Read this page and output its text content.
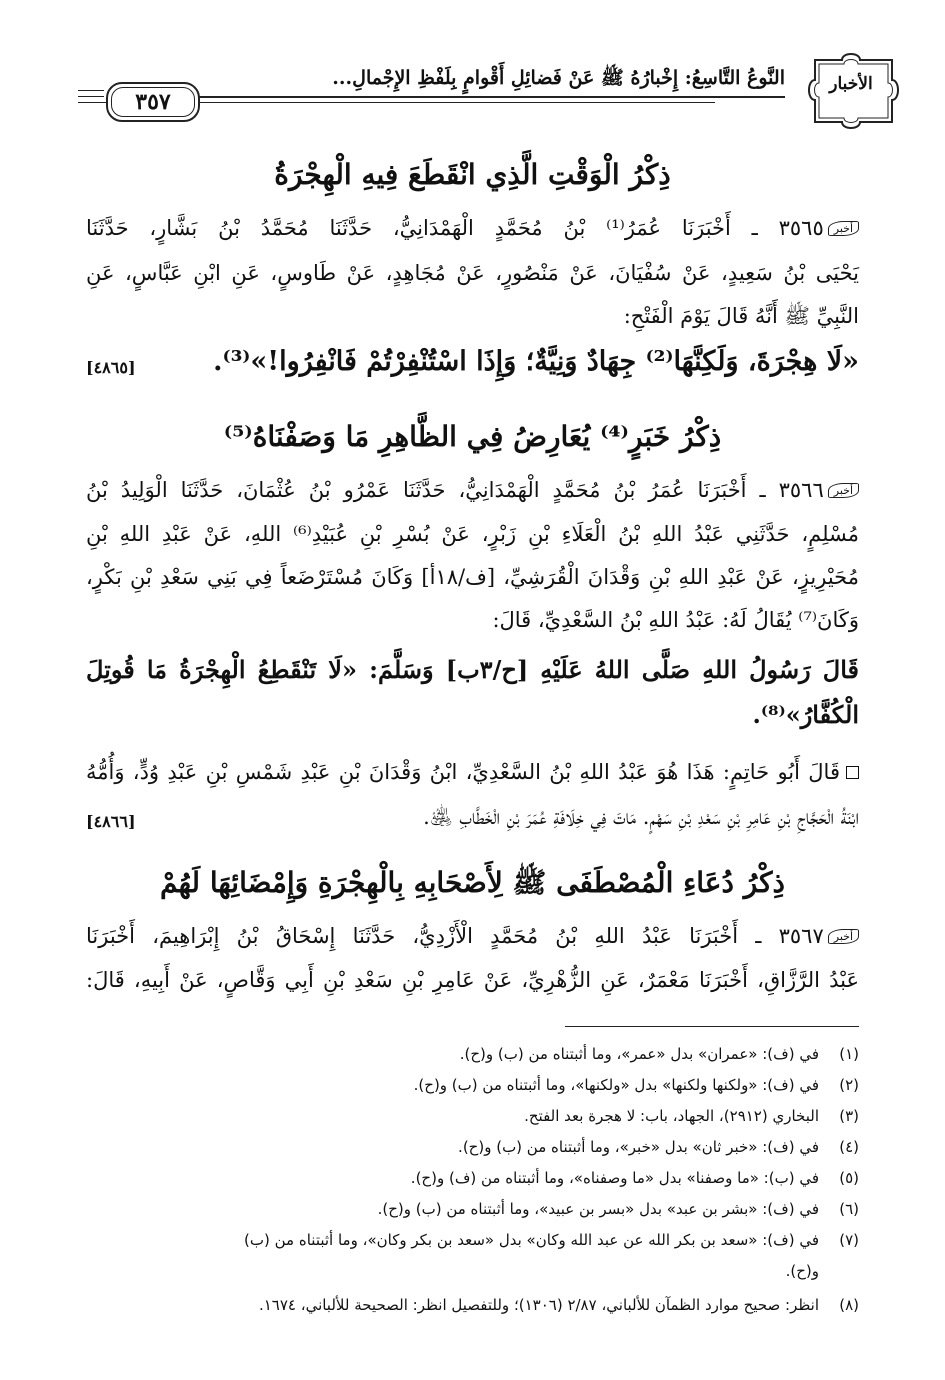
الأخبار
النَّوعُ التَّاسِعُ: إِخْبارُهُ ﷺ عَنْ فَضائِلِ أَقْوامٍ بِلَفْظِ الإِجْمالِ...
٣٥٧
ذِكْرُ الْوَقْتِ الَّذِي انْقَطَعَ فِيهِ الْهِجْرَةُ
أخبر٣٥٦٥ ـ أَخْبَرَنَا عُمَرُ⁽¹⁾ بْنُ مُحَمَّدٍ الْهَمْدَانِيُّ، حَدَّثَنَا مُحَمَّدُ بْنُ بَشَّارٍ، حَدَّثَنَا
يَحْيَى بْنُ سَعِيدٍ، عَنْ سُفْيَانَ، عَنْ مَنْصُورٍ، عَنْ مُجَاهِدٍ، عَنْ طَاوسٍ، عَنِ ابْنِ عَبَّاسٍ، عَنِ
النَّبِيِّ ﷺ أَنَّهُ قَالَ يَوْمَ الْفَتْحِ:
«لَا هِجْرَةَ، وَلَكِنَّهَا⁽²⁾ جِهَادٌ وَنِيَّةٌ؛ وَإِذَا اسْتُنْفِرْتُمْ فَانْفِرُوا!»⁽³⁾.
[٤٨٦٥]
ذِكْرُ خَبَرٍ⁽⁴⁾ يُعَارِضُ فِي الظَّاهِرِ مَا وَصَفْنَاهُ⁽⁵⁾
أخبر٣٥٦٦ ـ أَخْبَرَنَا عُمَرُ بْنُ مُحَمَّدٍ الْهَمْدَانِيُّ، حَدَّثَنَا عَمْرُو بْنُ عُثْمَانَ، حَدَّثَنَا الْوَلِيدُ بْنُ
مُسْلِمٍ، حَدَّثَنِي عَبْدُ اللهِ بْنُ الْعَلَاءِ بْنِ زَبْرٍ، عَنْ بُسْرِ بْنِ عُبَيْدِ⁽⁶⁾ اللهِ، عَنْ عَبْدِ اللهِ بْنِ
مُحَيْرِيزٍ، عَنْ عَبْدِ اللهِ بْنِ وَقْدَانَ الْقُرَشِيِّ، [ف/١٨أ] وَكَانَ مُسْتَرْضَعاً فِي بَنِي سَعْدِ بْنِ بَكْرٍ،
وَكَانَ⁽⁷⁾ يُقَالُ لَهُ: عَبْدُ اللهِ بْنُ السَّعْدِيِّ، قَالَ:
قَالَ رَسُولُ اللهِ صَلَّى اللهُ عَلَيْهِ [ح/٣ب] وَسَلَّمَ: «لَا تَنْقَطِعُ الْهِجْرَةُ مَا قُوتِلَ
الْكُفَّارُ»⁽⁸⁾.
قَالَ أَبُو حَاتِمٍ: هَذَا هُوَ عَبْدُ اللهِ بْنُ السَّعْدِيِّ، ابْنُ وَقْدَانَ بْنِ عَبْدِ شَمْسِ بْنِ عَبْدِ وُدٍّ، وَأُمُّهُ
ابْنَةُ الْحَجَّاجِ بْنِ عَامِرِ بْنِ سَعْدِ بْنِ سَهْمٍ. مَاتَ فِي خِلَافَةِ عُمَرَ بْنِ الْخَطَّابِ ﵁.
[٤٨٦٦]
ذِكْرُ دُعَاءِ الْمُصْطَفَى ﷺ لِأَصْحَابِهِ بِالْهِجْرَةِ وَإِمْضَائِهَا لَهُمْ
أخبر٣٥٦٧ ـ أَخْبَرَنَا عَبْدُ اللهِ بْنُ مُحَمَّدٍ الْأَزْدِيُّ، حَدَّثَنَا إِسْحَاقُ بْنُ إِبْرَاهِيمَ، أَخْبَرَنَا
عَبْدُ الرَّزَّاقِ، أَخْبَرَنَا مَعْمَرٌ، عَنِ الزُّهْرِيِّ، عَنْ عَامِرِ بْنِ سَعْدِ بْنِ أَبِي وَقَّاصٍ، عَنْ أَبِيهِ، قَالَ:
(١)في (ف): «عمران» بدل «عمر»، وما أثبتناه من (ب) و(ح).
(٢)في (ف): «ولكنها ولكنها» بدل «ولكنها»، وما أثبتناه من (ب) و(ح).
(٣)البخاري (٢٩١٢)، الجهاد، باب: لا هجرة بعد الفتح.
(٤)في (ف): «خبر ثان» بدل «خبر»، وما أثبتناه من (ب) و(ح).
(٥)في (ب): «ما وصفنا» بدل «ما وصفناه»، وما أثبتناه من (ف) و(ح).
(٦)في (ف): «بشر بن عبد» بدل «بسر بن عبيد»، وما أثبتناه من (ب) و(ح).
(٧)في (ف): «سعد بن بكر الله عن عبد الله وكان» بدل «سعد بن بكر وكان»، وما أثبتناه من (ب)
و(ح).
(٨)انظر: صحيح موارد الظمآن للألباني، ٢/٨٧ (١٣٠٦)؛ وللتفصيل انظر: الصحيحة للألباني، ١٦٧٤.
